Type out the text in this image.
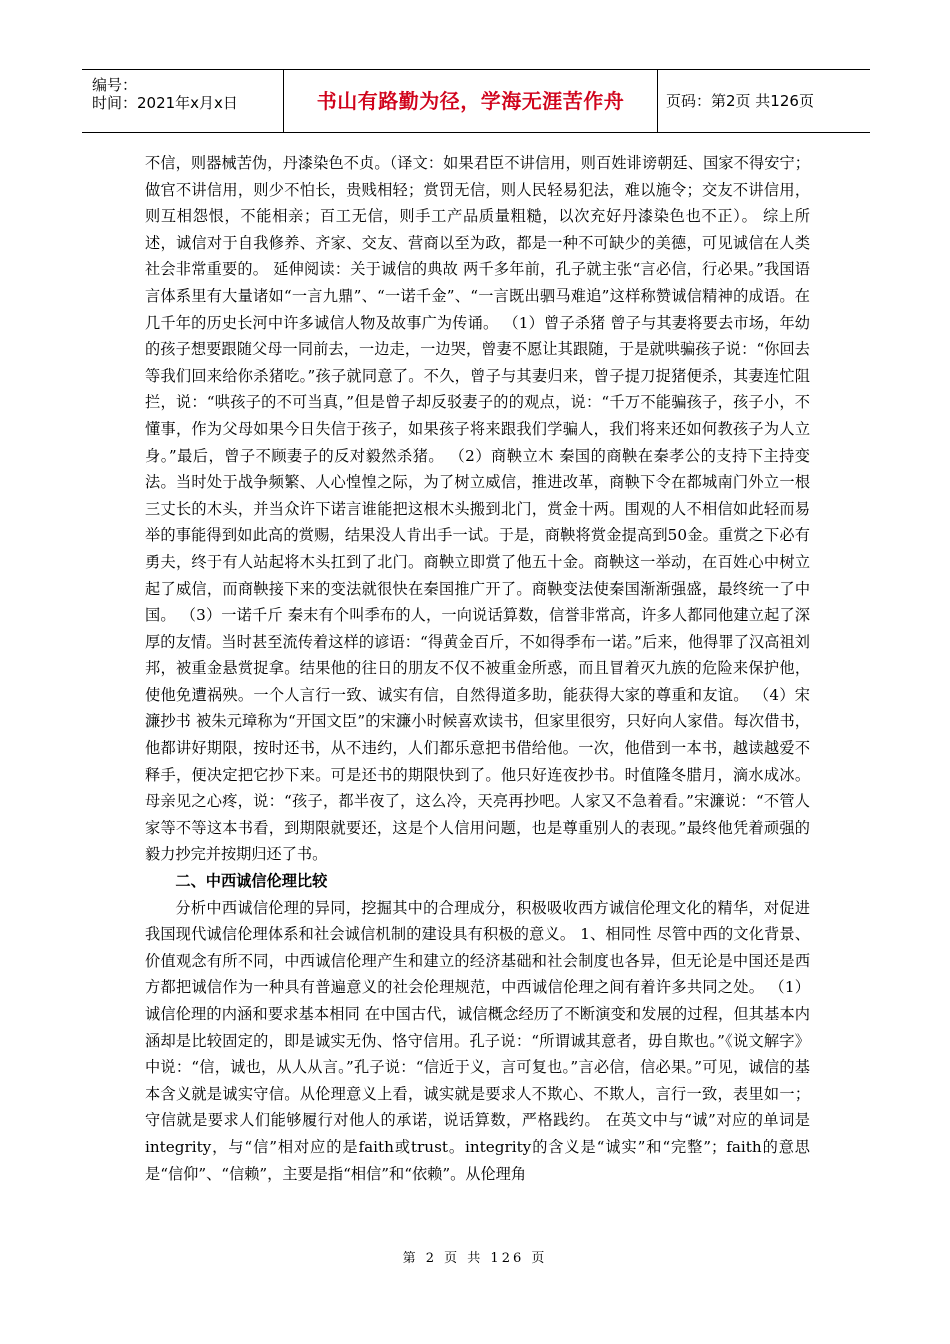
编号：
时间：2021年x月x日	书山有路勤为径，学海无涯苦作舟	页码：第2页 共126页

不信，则器械苦伪，丹漆染色不贞。（译文：如果君臣不讲信用，则百姓诽谤朝廷、国家不得安宁；做官不讲信用，则少不怕长，贵贱相轻；赏罚无信，则人民轻易犯法，难以施令；交友不讲信用，则互相怨恨，不能相亲；百工无信，则手工产品质量粗糙，以次充好丹漆染色也不正）。 综上所述，诚信对于自我修养、齐家、交友、营商以至为政，都是一种不可缺少的美德，可见诚信在人类社会非常重要的。 延伸阅读：关于诚信的典故 两千多年前，孔子就主张“言必信，行必果。”我国语言体系里有大量诸如“一言九鼎”、“一诺千金”、“一言既出驷马难追”这样称赞诚信精神的成语。在几千年的历史长河中许多诚信人物及故事广为传诵。 （1）曾子杀猪 曾子与其妻将要去市场，年幼的孩子想要跟随父母一同前去，一边走，一边哭，曾妻不愿让其跟随，于是就哄骗孩子说：“你回去等我们回来给你杀猪吃。”孩子就同意了。不久，曾子与其妻归来，曾子提刀捉猪便杀，其妻连忙阻拦，说：“哄孩子的不可当真，”但是曾子却反驳妻子的的观点，说：“千万不能骗孩子，孩子小，不懂事，作为父母如果今日失信于孩子，如果孩子将来跟我们学骗人，我们将来还如何教孩子为人立身。”最后，曾子不顾妻子的反对毅然杀猪。 （2）商鞅立木 秦国的商鞅在秦孝公的支持下主持变法。当时处于战争频繁、人心惶惶之际，为了树立威信，推进改革，商鞅下令在都城南门外立一根三丈长的木头，并当众许下诺言谁能把这根木头搬到北门，赏金十两。围观的人不相信如此轻而易举的事能得到如此高的赏赐，结果没人肯出手一试。于是，商鞅将赏金提高到50金。重赏之下必有勇夫，终于有人站起将木头扛到了北门。商鞅立即赏了他五十金。商鞅这一举动，在百姓心中树立起了威信，而商鞅接下来的变法就很快在秦国推广开了。商鞅变法使秦国渐渐强盛，最终统一了中国。 （3）一诺千斤 秦末有个叫季布的人，一向说话算数，信誉非常高，许多人都同他建立起了深厚的友情。当时甚至流传着这样的谚语：“得黄金百斤，不如得季布一诺。”后来，他得罪了汉高祖刘邦，被重金悬赏捉拿。结果他的往日的朋友不仅不被重金所惑，而且冒着灭九族的危险来保护他，使他免遭祸殃。一个人言行一致、诚实有信，自然得道多助，能获得大家的尊重和友谊。 （4）宋濂抄书 被朱元璋称为“开国文臣”的宋濂小时候喜欢读书，但家里很穷，只好向人家借。每次借书，他都讲好期限，按时还书，从不违约，人们都乐意把书借给他。一次，他借到一本书，越读越爱不释手，便决定把它抄下来。可是还书的期限快到了。他只好连夜抄书。时值隆冬腊月，滴水成冰。母亲见之心疼，说：“孩子，都半夜了，这么冷，天亮再抄吧。人家又不急着看。”宋濂说：“不管人家等不等这本书看，到期限就要还，这是个人信用问题，也是尊重别人的表现。”最终他凭着顽强的毅力抄完并按期归还了书。

二、中西诚信伦理比较

分析中西诚信伦理的异同，挖掘其中的合理成分，积极吸收西方诚信伦理文化的精华，对促进我国现代诚信伦理体系和社会诚信机制的建设具有积极的意义。 1、相同性 尽管中西的文化背景、价值观念有所不同，中西诚信伦理产生和建立的经济基础和社会制度也各异，但无论是中国还是西方都把诚信作为一种具有普遍意义的社会伦理规范，中西诚信伦理之间有着许多共同之处。 （1）诚信伦理的内涵和要求基本相同 在中国古代，诚信概念经历了不断演变和发展的过程，但其基本内涵却是比较固定的，即是诚实无伪、恪守信用。孔子说：“所谓诚其意者，毋自欺也。”《说文解字》中说：“信，诚也，从人从言。”孔子说：“信近于义，言可复也。”言必信，信必果。”可见，诚信的基本含义就是诚实守信。从伦理意义上看，诚实就是要求人不欺心、不欺人，言行一致，表里如一；守信就是要求人们能够履行对他人的承诺，说话算数，严格践约。 在英文中与“诚”对应的单词是integrity，与“信”相对应的是faith或trust。integrity的含义是“诚实”和“完整”；faith的意思是“信仰”、“信赖”，主要是指“相信”和“依赖”。从伦理角

第 2 页 共 126 页
